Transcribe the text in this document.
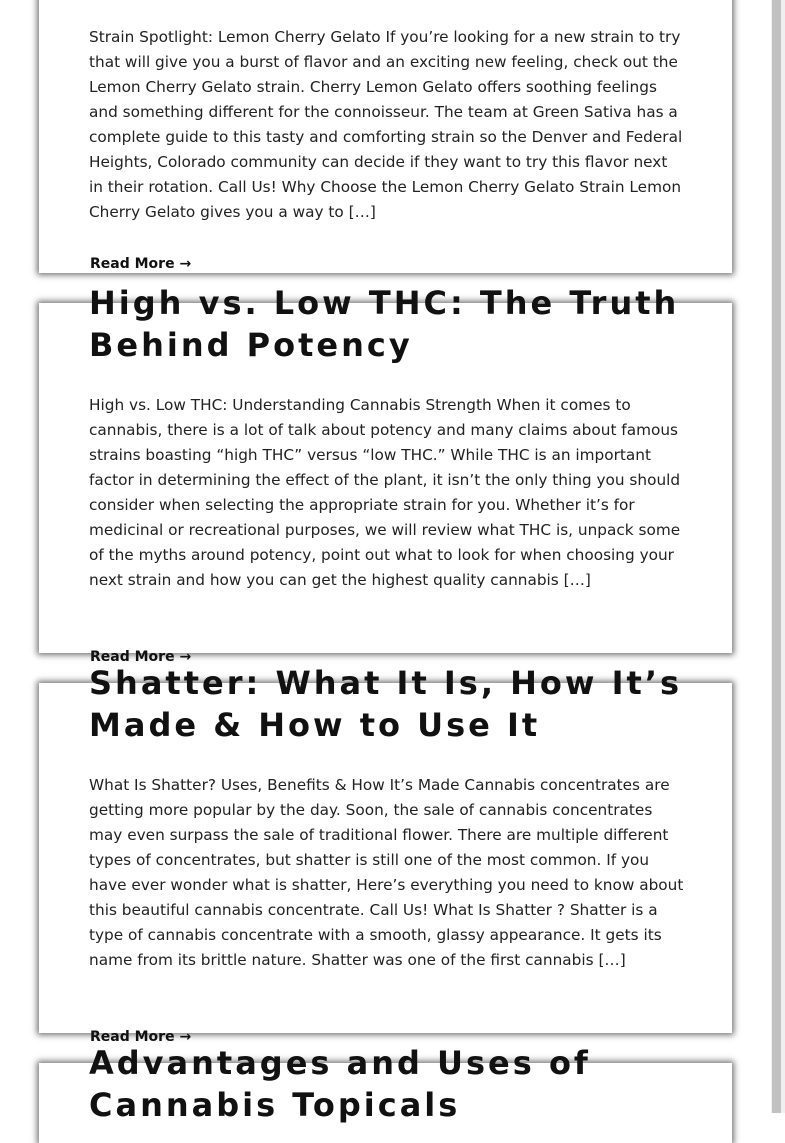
Strain Spotlight: Lemon Cherry Gelato If you’re looking for a new strain to try that will give you a burst of flavor and an exciting new feeling, check out the Lemon Cherry Gelato strain. Cherry Lemon Gelato offers soothing feelings and something different for the connoisseur. The team at Green Sativa has a complete guide to this tasty and comforting strain so the Denver and Federal Heights, Colorado community can decide if they want to try this flavor next in their rotation. Call Us! Why Choose the Lemon Cherry Gelato Strain Lemon Cherry Gelato gives you a way to […]

Read More →
High vs. Low THC: The Truth Behind Potency

High vs. Low THC: Understanding Cannabis Strength When it comes to cannabis, there is a lot of talk about potency and many claims about famous strains boasting “high THC” versus “low THC.” While THC is an important factor in determining the effect of the plant, it isn’t the only thing you should consider when selecting the appropriate strain for you. Whether it’s for medicinal or recreational purposes, we will review what THC is, unpack some of the myths around potency, point out what to look for when choosing your next strain and how you can get the highest quality cannabis […]

Read More →
Shatter: What It Is, How It’s Made & How to Use It

What Is Shatter? Uses, Benefits & How It’s Made Cannabis concentrates are getting more popular by the day. Soon, the sale of cannabis concentrates may even surpass the sale of traditional flower. There are multiple different types of concentrates, but shatter is still one of the most common. If you have ever wonder what is shatter, Here’s everything you need to know about this beautiful cannabis concentrate. Call Us! What Is Shatter ? Shatter is a type of cannabis concentrate with a smooth, glassy appearance. It gets its name from its brittle nature. Shatter was one of the first cannabis […]

Read More →
Advantages and Uses of Cannabis Topicals
